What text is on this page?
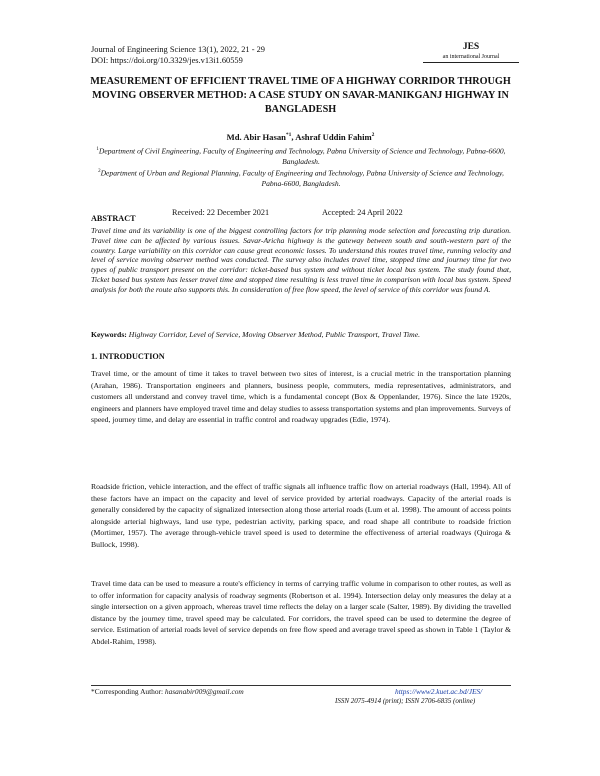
Journal of Engineering Science 13(1), 2022, 21 - 29
DOI: https://doi.org/10.3329/jes.v13i1.60559
JES
an international Journal
MEASUREMENT OF EFFICIENT TRAVEL TIME OF A HIGHWAY CORRIDOR THROUGH MOVING OBSERVER METHOD: A CASE STUDY ON SAVAR-MANIKGANJ HIGHWAY IN BANGLADESH
Md. Abir Hasan$^{*1}$, Ashraf Uddin Fahim$^2$
$^1$Department of Civil Engineering, Faculty of Engineering and Technology, Pabna University of Science and Technology, Pabna-6600, Bangladesh.
$^2$Department of Urban and Regional Planning, Faculty of Engineering and Technology, Pabna University of Science and Technology, Pabna-6600, Bangladesh.
Received: 22 December 2021	Accepted: 24 April 2022
ABSTRACT
Travel time and its variability is one of the biggest controlling factors for trip planning mode selection and forecasting trip duration. Travel time can be affected by various issues. Savar-Aricha highway is the gateway between south and south-western part of the country. Large variability on this corridor can cause great economic losses. To understand this routes travel time, running velocity and level of service moving observer method was conducted. The survey also includes travel time, stopped time and journey time for two types of public transport present on the corridor: ticket-based bus system and without ticket local bus system. The study found that, Ticket based bus system has lesser travel time and stopped time resulting is less travel time in comparison with local bus system. Speed analysis for both the route also supports this. In consideration of free flow speed, the level of service of this corridor was found A.
Keywords: Highway Corridor, Level of Service, Moving Observer Method, Public Transport, Travel Time.
1. INTRODUCTION
Travel time, or the amount of time it takes to travel between two sites of interest, is a crucial metric in the transportation planning (Arahan, 1986). Transportation engineers and planners, business people, commuters, media representatives, administrators, and customers all understand and convey travel time, which is a fundamental concept (Box & Oppenlander, 1976). Since the late 1920s, engineers and planners have employed travel time and delay studies to assess transportation systems and plan improvements. Surveys of speed, journey time, and delay are essential in traffic control and roadway upgrades (Edie, 1974).
Roadside friction, vehicle interaction, and the effect of traffic signals all influence traffic flow on arterial roadways (Hall, 1994). All of these factors have an impact on the capacity and level of service provided by arterial roadways. Capacity of the arterial roads is generally considered by the capacity of signalized intersection along those arterial roads (Lum et al. 1998). The amount of access points alongside arterial highways, land use type, pedestrian activity, parking space, and road shape all contribute to roadside friction (Mortimer, 1957). The average through-vehicle travel speed is used to determine the effectiveness of arterial roadways (Quiroga & Bullock, 1998).
Travel time data can be used to measure a route's efficiency in terms of carrying traffic volume in comparison to other routes, as well as to offer information for capacity analysis of roadway segments (Robertson et al. 1994). Intersection delay only measures the delay at a single intersection on a given approach, whereas travel time reflects the delay on a larger scale (Salter, 1989). By dividing the travelled distance by the journey time, travel speed may be calculated. For corridors, the travel speed can be used to determine the degree of service. Estimation of arterial roads level of service depends on free flow speed and average travel speed as shown in Table 1 (Taylor & Abdel-Rahim, 1998).
*Corresponding Author: hasanabir009@gmail.com	https://www2.kuet.ac.bd/JES/
ISSN 2075-4914 (print); ISSN 2706-6835 (online)
